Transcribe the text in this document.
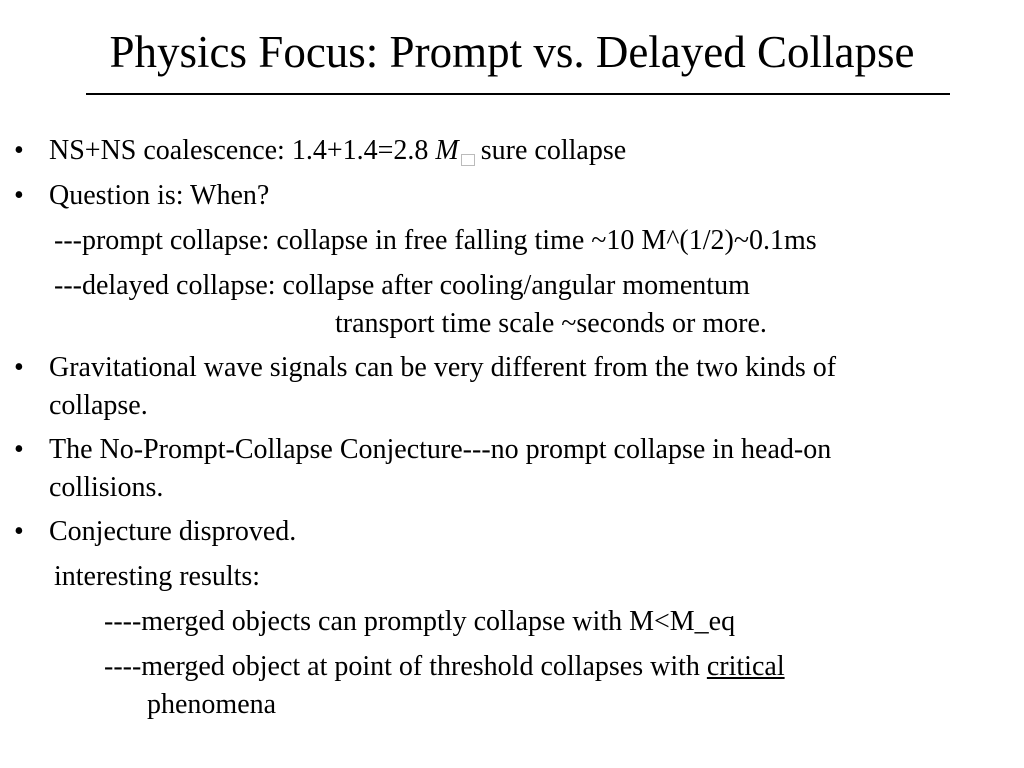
Physics Focus: Prompt vs. Delayed Collapse
• NS+NS coalescence: 1.4+1.4=2.8 M sure collapse
• Question is: When?
---prompt collapse: collapse in free falling time ~10 M^(1/2)~0.1ms
---delayed collapse: collapse after cooling/angular momentum
transport time scale ~seconds or more.
• Gravitational wave signals can be very different from the two kinds of
collapse.
• The No-Prompt-Collapse Conjecture---no prompt collapse in head-on
collisions.
• Conjecture disproved.
interesting results:
----merged objects can promptly collapse with M<M_eq
----merged object at point of threshold collapses with critical
phenomena
